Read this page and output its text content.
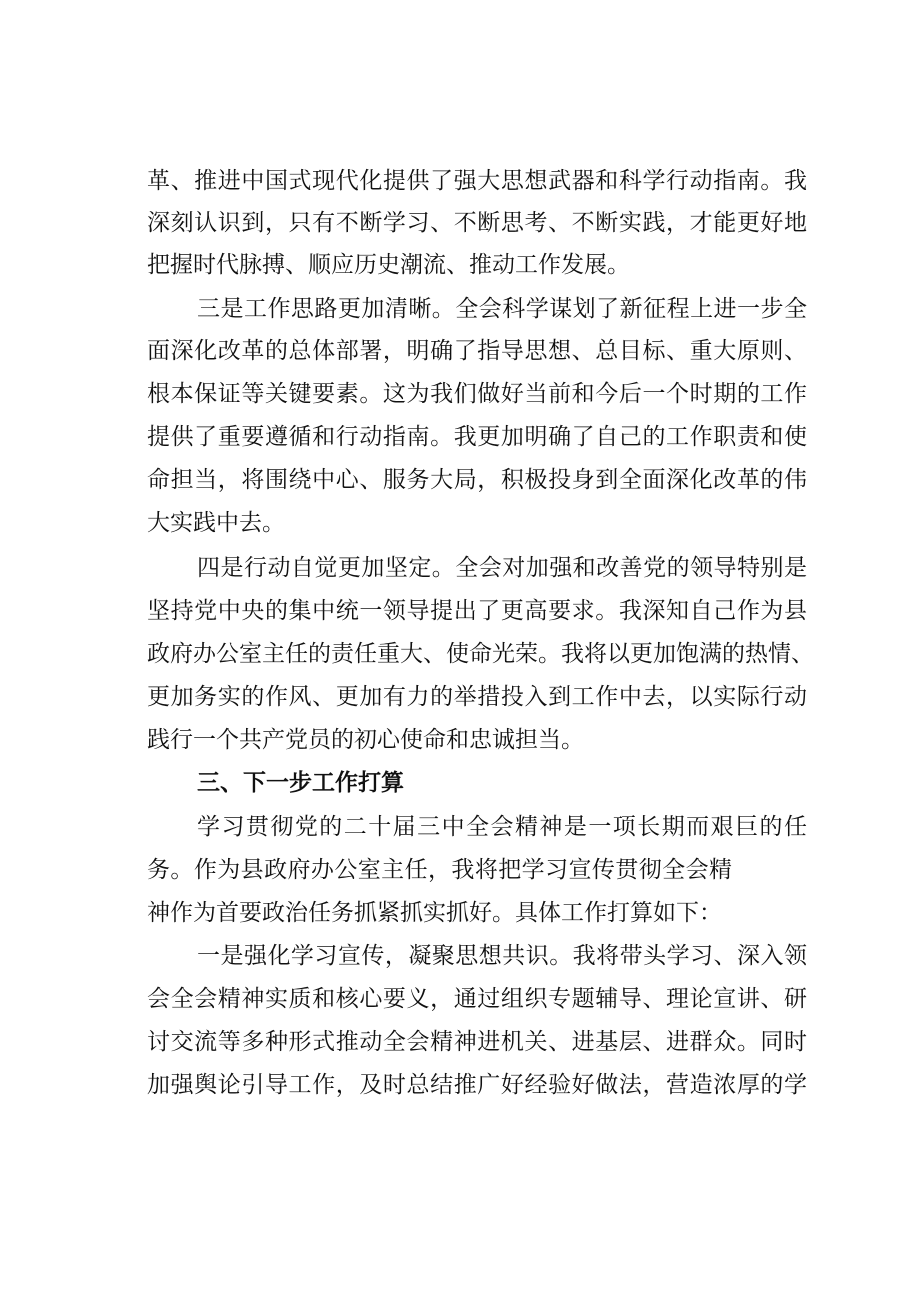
革、推进中国式现代化提供了强大思想武器和科学行动指南。我
深刻认识到，只有不断学习、不断思考、不断实践，才能更好地
把握时代脉搏、顺应历史潮流、推动工作发展。
三是工作思路更加清晰。全会科学谋划了新征程上进一步全
面深化改革的总体部署，明确了指导思想、总目标、重大原则、
根本保证等关键要素。这为我们做好当前和今后一个时期的工作
提供了重要遵循和行动指南。我更加明确了自己的工作职责和使
命担当，将围绕中心、服务大局，积极投身到全面深化改革的伟
大实践中去。
四是行动自觉更加坚定。全会对加强和改善党的领导特别是
坚持党中央的集中统一领导提出了更高要求。我深知自己作为县
政府办公室主任的责任重大、使命光荣。我将以更加饱满的热情、
更加务实的作风、更加有力的举措投入到工作中去，以实际行动
践行一个共产党员的初心使命和忠诚担当。
三、下一步工作打算
学习贯彻党的二十届三中全会精神是一项长期而艰巨的任
务。作为县政府办公室主任，我将把学习宣传贯彻全会精
神作为首要政治任务抓紧抓实抓好。具体工作打算如下：
一是强化学习宣传，凝聚思想共识。我将带头学习、深入领
会全会精神实质和核心要义，通过组织专题辅导、理论宣讲、研
讨交流等多种形式推动全会精神进机关、进基层、进群众。同时
加强舆论引导工作，及时总结推广好经验好做法，营造浓厚的学
